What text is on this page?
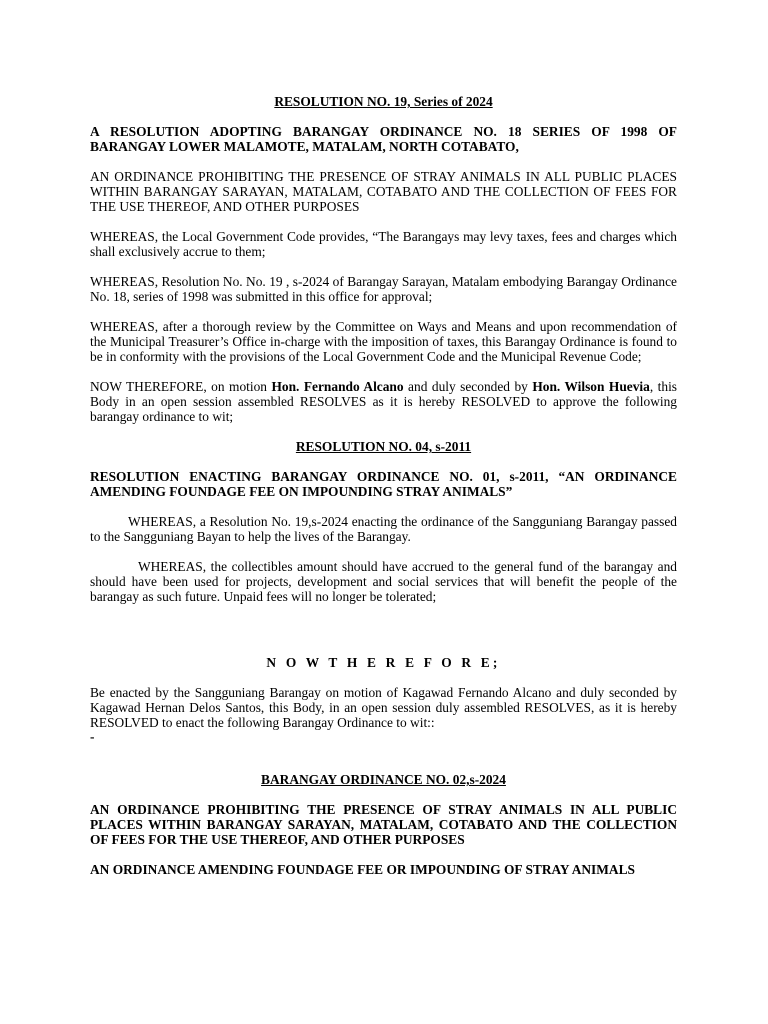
RESOLUTION NO. 19, Series of 2024

A RESOLUTION ADOPTING BARANGAY ORDINANCE NO. 18 SERIES OF 1998 OF BARANGAY LOWER MALAMOTE, MATALAM, NORTH COTABATO,

AN ORDINANCE PROHIBITING THE PRESENCE OF STRAY ANIMALS IN ALL PUBLIC PLACES WITHIN BARANGAY SARAYAN, MATALAM, COTABATO AND THE COLLECTION OF FEES FOR THE USE THEREOF, AND OTHER PURPOSES

WHEREAS, the Local Government Code provides, “The Barangays may levy taxes, fees and charges which shall exclusively accrue to them;

WHEREAS, Resolution No. No. 19 , s-2024 of Barangay Sarayan, Matalam embodying Barangay Ordinance No. 18, series of 1998 was submitted in this office for approval;

WHEREAS, after a thorough review by the Committee on Ways and Means and upon recommendation of the Municipal Treasurer’s Office in-charge with the imposition of taxes, this Barangay Ordinance is found to be in conformity with the provisions of the Local Government Code and the Municipal Revenue Code;

NOW THEREFORE, on motion Hon. Fernando Alcano and duly seconded by Hon. Wilson Huevia, this Body in an open session assembled RESOLVES as it is hereby RESOLVED to approve the following barangay ordinance to wit;

RESOLUTION NO. 04, s-2011

RESOLUTION ENACTING BARANGAY ORDINANCE NO. 01, s-2011, “AN ORDINANCE AMENDING FOUNDAGE FEE ON IMPOUNDING STRAY ANIMALS”

WHEREAS, a Resolution No. 19,s-2024 enacting the ordinance of the Sangguniang Barangay passed to the Sangguniang Bayan to help the lives of the Barangay.

WHEREAS, the collectibles amount should have accrued to the general fund of the barangay and should have been used for projects, development and social services that will benefit the people of the barangay as such future. Unpaid fees will no longer be tolerated;

N O W T H E R E F O R E;

Be enacted by the Sangguniang Barangay on motion of Kagawad Fernando Alcano and duly seconded by Kagawad Hernan Delos Santos, this Body, in an open session duly assembled RESOLVES, as it is hereby RESOLVED to enact the following Barangay Ordinance to wit::

-

BARANGAY ORDINANCE NO. 02,s-2024

AN ORDINANCE PROHIBITING THE PRESENCE OF STRAY ANIMALS IN ALL PUBLIC PLACES WITHIN BARANGAY SARAYAN, MATALAM, COTABATO AND THE COLLECTION OF FEES FOR THE USE THEREOF, AND OTHER PURPOSES

AN ORDINANCE AMENDING FOUNDAGE FEE OR IMPOUNDING OF STRAY ANIMALS
